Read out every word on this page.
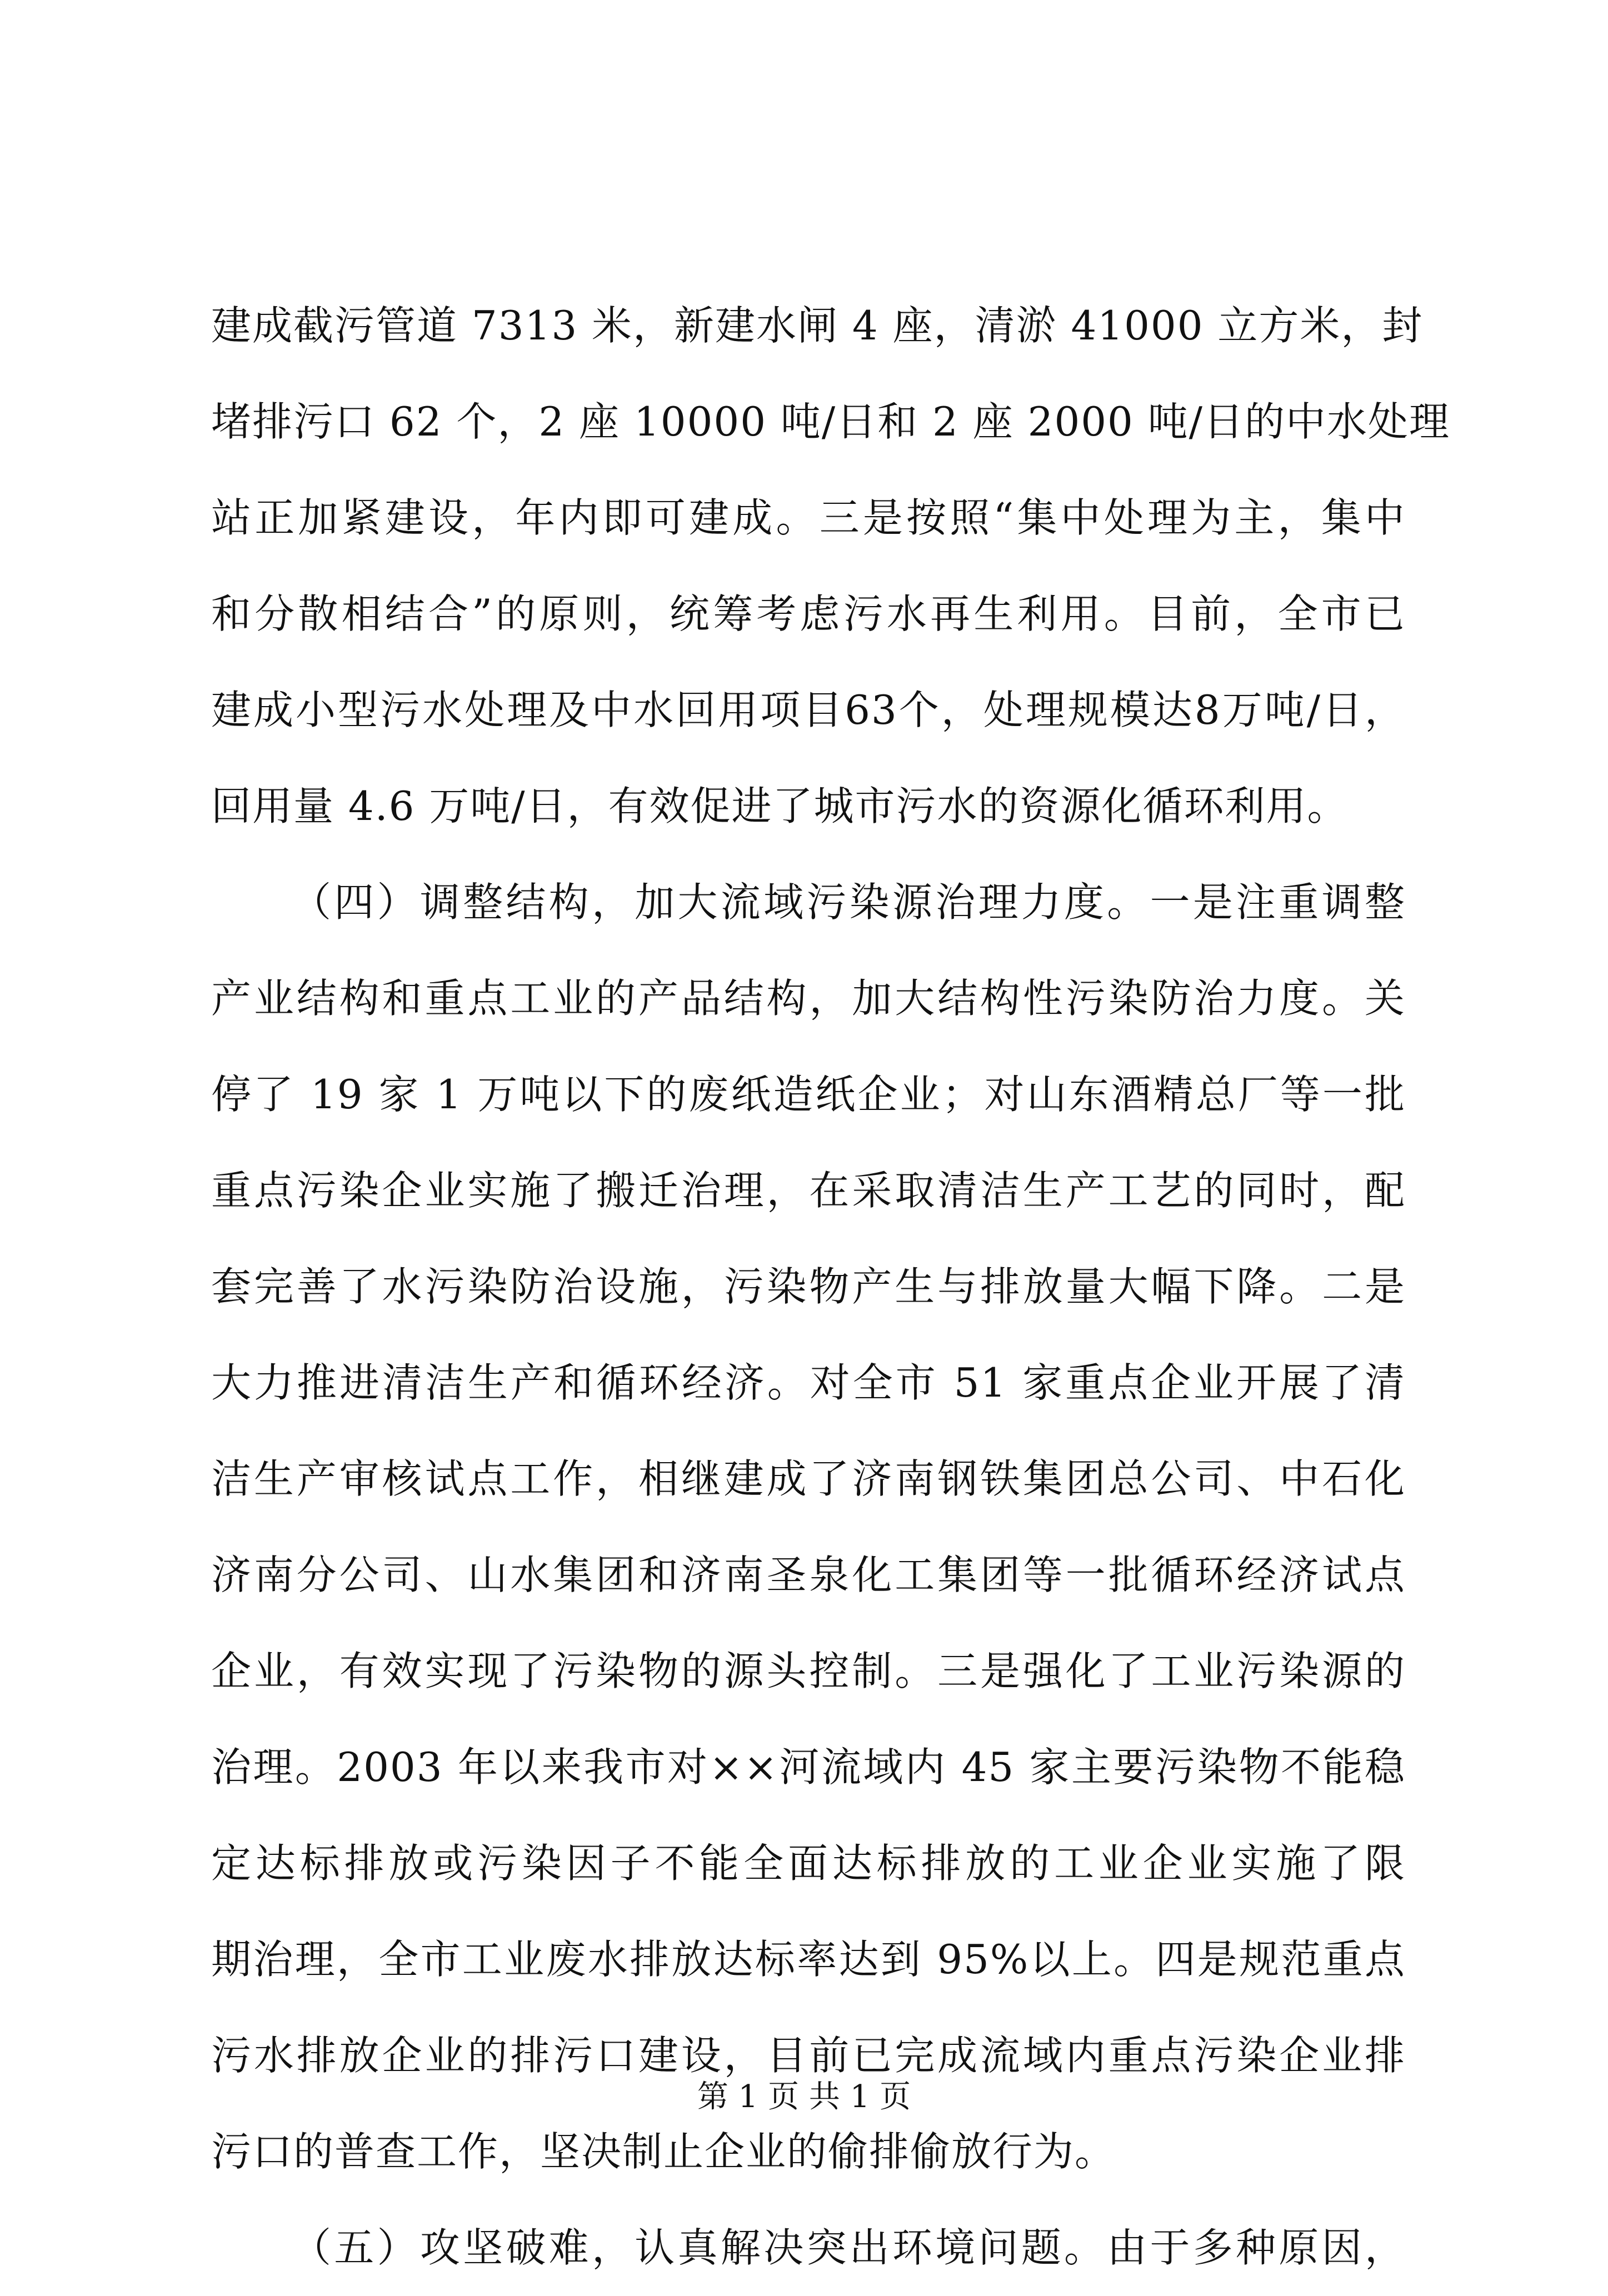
建成截污管道 7313 米，新建水闸 4 座，清淤 41000 立方米，封
堵排污口 62 个，2 座 10000 吨/日和 2 座 2000 吨/日的中水处理
站正加紧建设，年内即可建成。三是按照“集中处理为主，集中
和分散相结合”的原则，统筹考虑污水再生利用。目前，全市已
建成小型污水处理及中水回用项目63个，处理规模达8万吨/日，
回用量 4.6 万吨/日，有效促进了城市污水的资源化循环利用。
（四）调整结构，加大流域污染源治理力度。一是注重调整
产业结构和重点工业的产品结构，加大结构性污染防治力度。关
停了 19 家 1 万吨以下的废纸造纸企业；对山东酒精总厂等一批
重点污染企业实施了搬迁治理，在采取清洁生产工艺的同时，配
套完善了水污染防治设施，污染物产生与排放量大幅下降。二是
大力推进清洁生产和循环经济。对全市 51 家重点企业开展了清
洁生产审核试点工作，相继建成了济南钢铁集团总公司、中石化
济南分公司、山水集团和济南圣泉化工集团等一批循环经济试点
企业，有效实现了污染物的源头控制。三是强化了工业污染源的
治理。2003 年以来我市对××河流域内 45 家主要污染物不能稳
定达标排放或污染因子不能全面达标排放的工业企业实施了限
期治理，全市工业废水排放达标率达到 95%以上。四是规范重点
污水排放企业的排污口建设，目前已完成流域内重点污染企业排
污口的普查工作，坚决制止企业的偷排偷放行为。
（五）攻坚破难，认真解决突出环境问题。由于多种原因，
第 1 页 共 1 页
